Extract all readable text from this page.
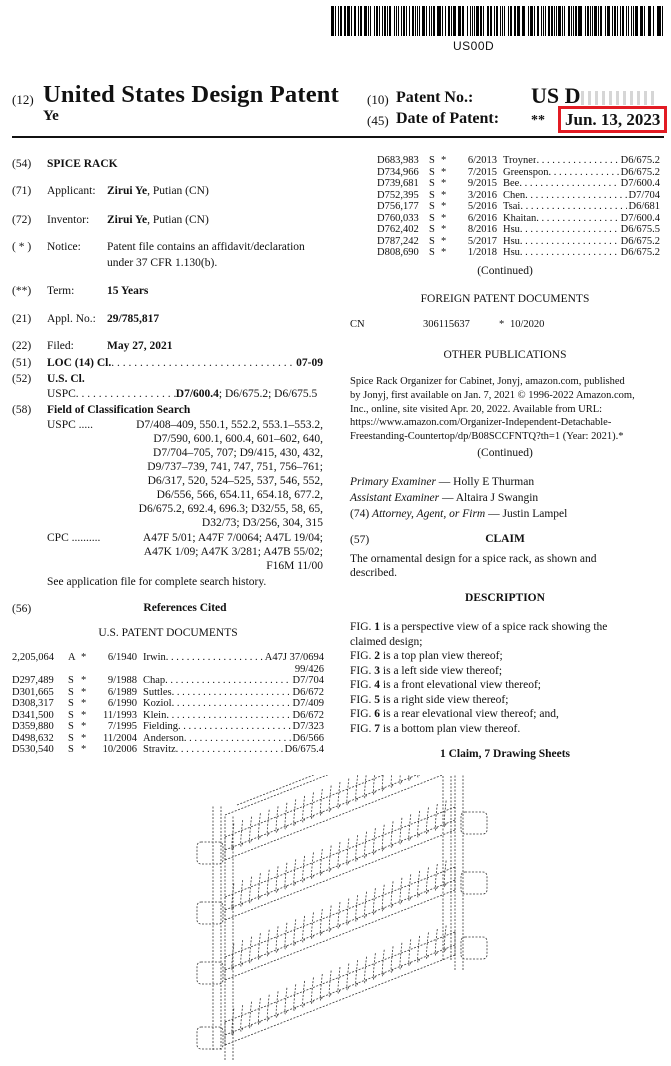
US00D
(12) United States Design Patent
Ye
(10) Patent No.:	US D
(45) Date of Patent: **	Jun. 13, 2023
(54)	SPICE RACK
(71)	Applicant: Zirui Ye, Putian (CN)
(72)	Inventor: Zirui Ye, Putian (CN)
( * )	Notice: Patent file contains an affidavit/declaration
under 37 CFR 1.130(b).
(**)	Term:	15 Years
(21)	Appl. No.: 29/785,817
(22)	Filed:	May 27, 2021
(51)	LOC (14) Cl. . . .	07-09
(52)	U.S. Cl.
USPC . . .	D7/600.4 ; D6/675.2; D6/675.5
(58)	Field of Classification Search
USPC .....	D7/408–409, 550.1, 552.2, 553.1–553.2,
D7/590, 600.1, 600.4, 601–602, 640,
D7/704–705, 707; D9/415, 430, 432,
D9/737–739, 741, 747, 751, 756–761;
D6/317, 520, 524–525, 537, 546, 552,
D6/556, 566, 654.11, 654.18, 677.2,
D6/675.2, 692.4, 696.3; D32/55, 58, 65,
D32/73; D3/256, 304, 315
CPC ..........	A47F 5/01; A47F 7/0064; A47L 19/04;
A47K 1/09; A47K 3/281; A47B 55/02;
F16M 11/00
See application file for complete search history.
(56)	References Cited
U.S. PATENT DOCUMENTS
2,205,064	A *	6/1940 Irwin . . .	A47J 37/0694
99/426
D297,489	S *	9/1988 Chap . . .	D7/704
D301,665	S *	6/1989 Suttles . . .	D6/672
D308,317	S *	6/1990 Koziol . . .	D7/409
D341,500	S *	11/1993 Klein . . .	D6/672
D359,880	S *	7/1995 Fielding . . .	D7/323
D498,632	S *	11/2004 Anderson . . .	D6/566
D530,540	S *	10/2006 Stravitz . . .	D6/675.4
D683,983 S *	6/2013 Troyner . . .	D6/675.2
D734,966 S *	7/2015 Greenspon . . .	D6/675.2
D739,681 S *	9/2015 Bee . . .	D7/600.4
D752,395 S *	3/2016 Chen . . .	D7/704
D756,177 S *	5/2016 Tsai . . .	D6/681
D760,033 S *	6/2016 Khaitan . . .	D7/600.4
D762,402 S *	8/2016 Hsu . . .	D6/675.5
D787,242 S *	5/2017 Hsu . . .	D6/675.2
D808,690 S *	1/2018 Hsu . . .	D6/675.2
(Continued)
FOREIGN PATENT DOCUMENTS
CN	306115637	* 10/2020
OTHER PUBLICATIONS
Spice Rack Organizer for Cabinet, Jonyj, amazon.com, published
by Jonyj, first available on Jan. 7, 2021 © 1996-2022 Amazon.com,
Inc., online, site visited Apr. 20, 2022. Available from URL:
https://www.amazon.com/Organizer-Independent-Detachable-
Freestanding-Countertop/dp/B08SCCFNTQ?th=1 (Year: 2021).*
(Continued)
Primary Examiner — Holly E Thurman
Assistant Examiner — Altaira J Swangin
(74) Attorney, Agent, or Firm — Justin Lampel
(57)	CLAIM
The ornamental design for a spice rack, as shown and
described.
DESCRIPTION
FIG. 1 is a perspective view of a spice rack showing the
claimed design;
FIG. 2 is a top plan view thereof;
FIG. 3 is a left side view thereof;
FIG. 4 is a front elevational view thereof;
FIG. 5 is a right side view thereof;
FIG. 6 is a rear elevational view thereof; and,
FIG. 7 is a bottom plan view thereof.
1 Claim, 7 Drawing Sheets
